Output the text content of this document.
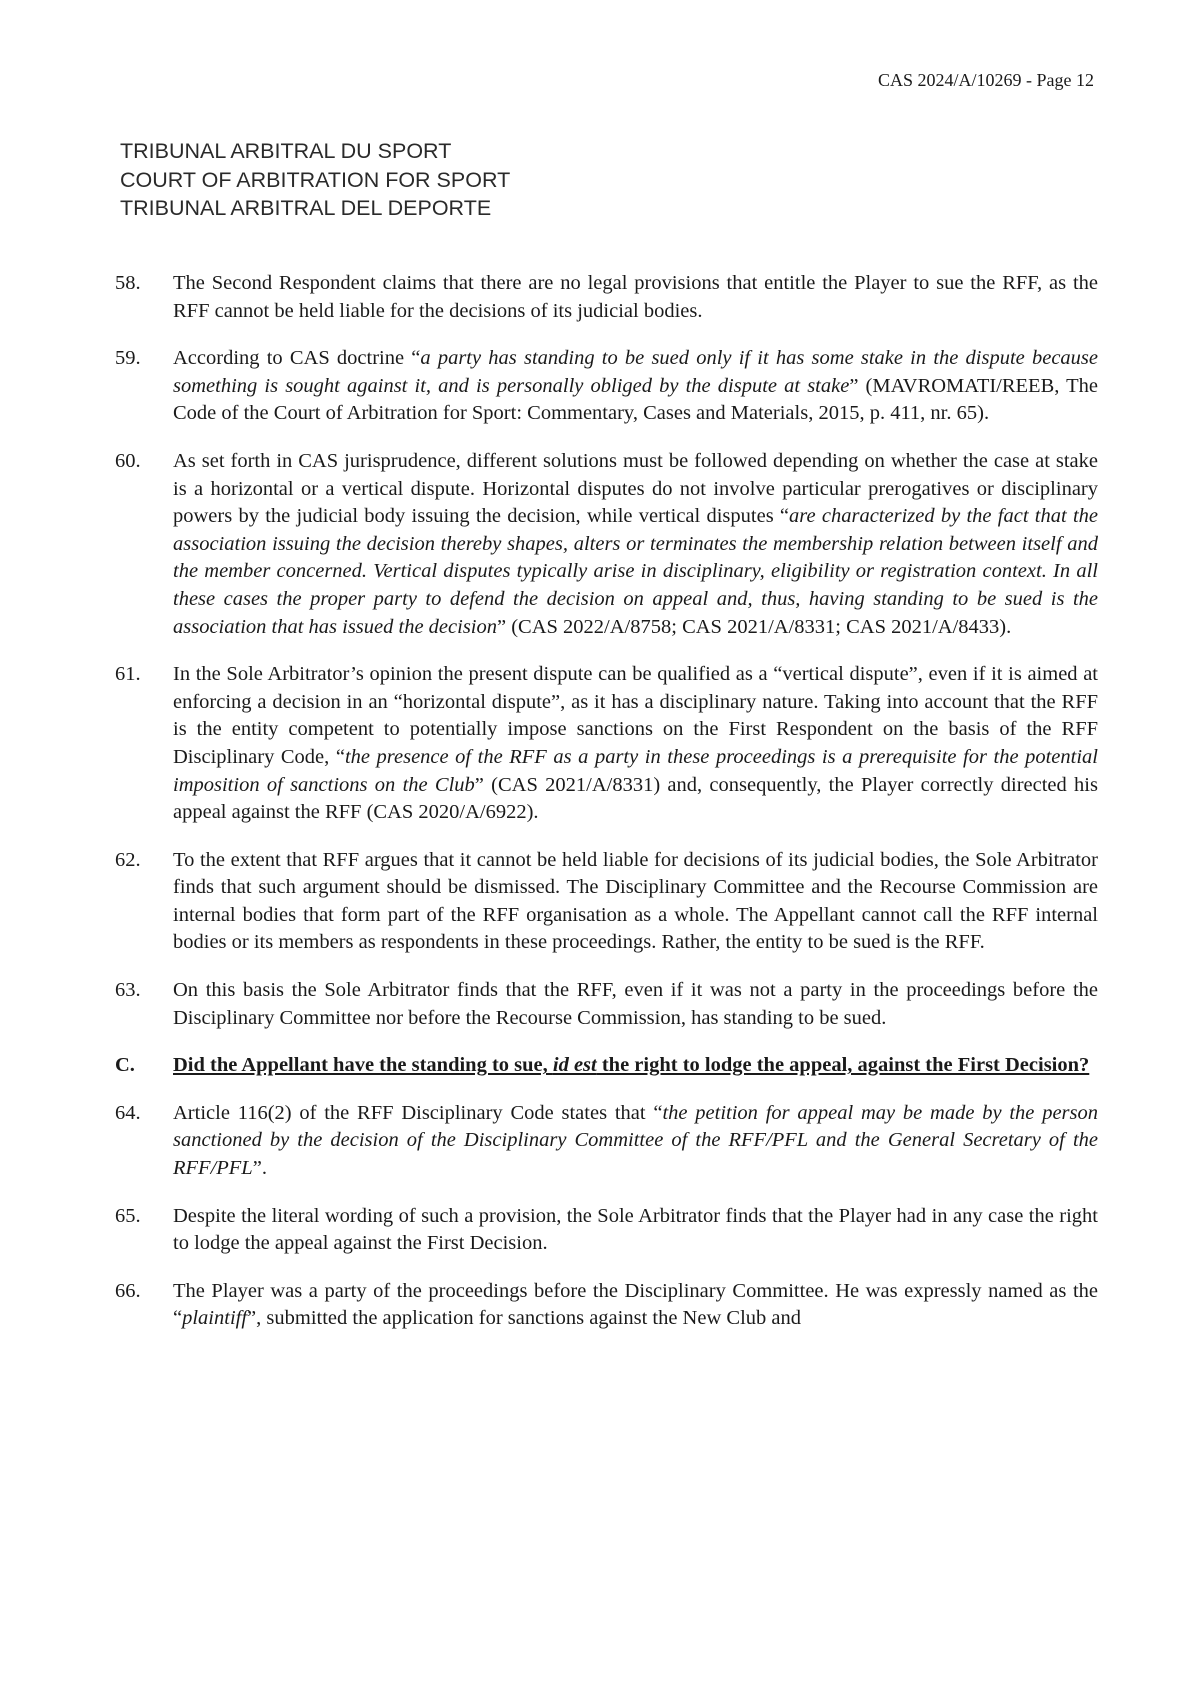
CAS 2024/A/10269 - Page 12
TRIBUNAL ARBITRAL DU SPORT
COURT OF ARBITRATION FOR SPORT
TRIBUNAL ARBITRAL DEL DEPORTE
58.	The Second Respondent claims that there are no legal provisions that entitle the Player to sue the RFF, as the RFF cannot be held liable for the decisions of its judicial bodies.
59.	According to CAS doctrine “a party has standing to be sued only if it has some stake in the dispute because something is sought against it, and is personally obliged by the dispute at stake” (MAVROMATI/REEB, The Code of the Court of Arbitration for Sport: Commentary, Cases and Materials, 2015, p. 411, nr. 65).
60.	As set forth in CAS jurisprudence, different solutions must be followed depending on whether the case at stake is a horizontal or a vertical dispute. Horizontal disputes do not involve particular prerogatives or disciplinary powers by the judicial body issuing the decision, while vertical disputes “are characterized by the fact that the association issuing the decision thereby shapes, alters or terminates the membership relation between itself and the member concerned. Vertical disputes typically arise in disciplinary, eligibility or registration context. In all these cases the proper party to defend the decision on appeal and, thus, having standing to be sued is the association that has issued the decision” (CAS 2022/A/8758; CAS 2021/A/8331; CAS 2021/A/8433).
61.	In the Sole Arbitrator’s opinion the present dispute can be qualified as a “vertical dispute”, even if it is aimed at enforcing a decision in an “horizontal dispute”, as it has a disciplinary nature. Taking into account that the RFF is the entity competent to potentially impose sanctions on the First Respondent on the basis of the RFF Disciplinary Code, “the presence of the RFF as a party in these proceedings is a prerequisite for the potential imposition of sanctions on the Club” (CAS 2021/A/8331) and, consequently, the Player correctly directed his appeal against the RFF (CAS 2020/A/6922).
62.	To the extent that RFF argues that it cannot be held liable for decisions of its judicial bodies, the Sole Arbitrator finds that such argument should be dismissed. The Disciplinary Committee and the Recourse Commission are internal bodies that form part of the RFF organisation as a whole. The Appellant cannot call the RFF internal bodies or its members as respondents in these proceedings. Rather, the entity to be sued is the RFF.
63.	On this basis the Sole Arbitrator finds that the RFF, even if it was not a party in the proceedings before the Disciplinary Committee nor before the Recourse Commission, has standing to be sued.
C.	Did the Appellant have the standing to sue, id est the right to lodge the appeal, against the First Decision?
64.	Article 116(2) of the RFF Disciplinary Code states that “the petition for appeal may be made by the person sanctioned by the decision of the Disciplinary Committee of the RFF/PFL and the General Secretary of the RFF/PFL”.
65.	Despite the literal wording of such a provision, the Sole Arbitrator finds that the Player had in any case the right to lodge the appeal against the First Decision.
66.	The Player was a party of the proceedings before the Disciplinary Committee. He was expressly named as the “plaintiff”, submitted the application for sanctions against the New Club and
